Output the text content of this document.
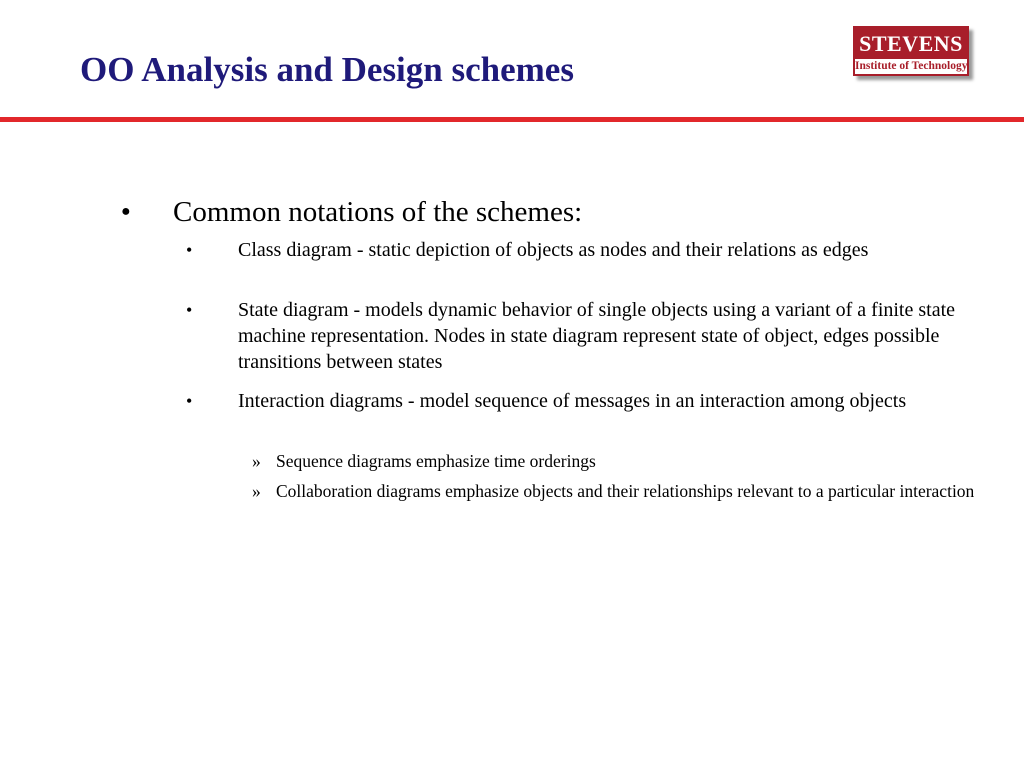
OO Analysis and Design schemes
STEVENS
Institute of Technology
● Common notations of the schemes:
• Class diagram - static depiction of objects as nodes and their relations as edges
• State diagram - models dynamic behavior of single objects using a variant of a finite state machine representation. Nodes in state diagram represent state of object, edges possible transitions between states
• Interaction diagrams - model sequence of messages in an interaction among objects
» Sequence diagrams emphasize time orderings
» Collaboration diagrams emphasize objects and their relationships relevant to a particular interaction
